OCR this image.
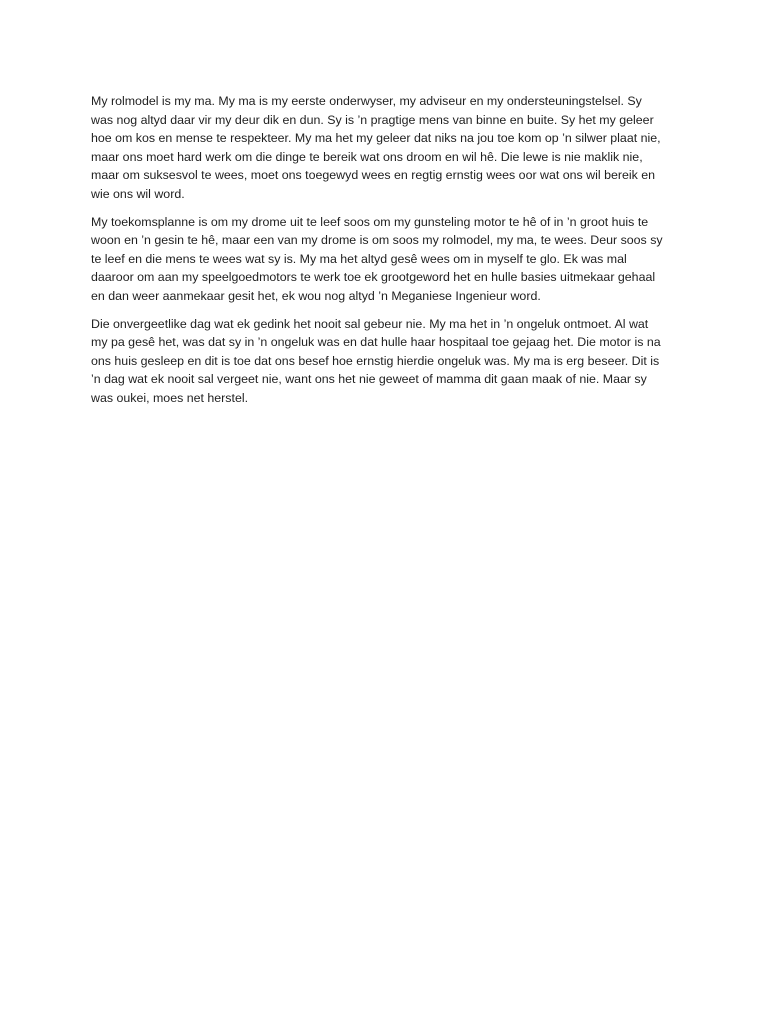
My rolmodel is my ma. My ma is my eerste onderwyser, my adviseur en my ondersteuningstelsel. Sy
was nog altyd daar vir my deur dik en dun. Sy is ’n pragtige mens van binne en buite. Sy het my geleer
hoe om kos en mense te respekteer. My ma het my geleer dat niks na jou toe kom op ’n silwer plaat nie,
maar ons moet hard werk om die dinge te bereik wat ons droom en wil hê. Die lewe is nie maklik nie,
maar om suksesvol te wees, moet ons toegewyd wees en regtig ernstig wees oor wat ons wil bereik en
wie ons wil word.

My toekomsplanne is om my drome uit te leef soos om my gunsteling motor te hê of in ’n groot huis te
woon en ’n gesin te hê, maar een van my drome is om soos my rolmodel, my ma, te wees. Deur soos sy
te leef en die mens te wees wat sy is. My ma het altyd gesê wees om in myself te glo. Ek was mal
daaroor om aan my speelgoedmotors te werk toe ek grootgeword het en hulle basies uitmekaar gehaal
en dan weer aanmekaar gesit het, ek wou nog altyd ’n Meganiese Ingenieur word.

Die onvergeetlike dag wat ek gedink het nooit sal gebeur nie. My ma het in ’n ongeluk ontmoet. Al wat
my pa gesê het, was dat sy in ’n ongeluk was en dat hulle haar hospitaal toe gejaag het. Die motor is na
ons huis gesleep en dit is toe dat ons besef hoe ernstig hierdie ongeluk was. My ma is erg beseer. Dit is
’n dag wat ek nooit sal vergeet nie, want ons het nie geweet of mamma dit gaan maak of nie. Maar sy
was oukei, moes net herstel.
